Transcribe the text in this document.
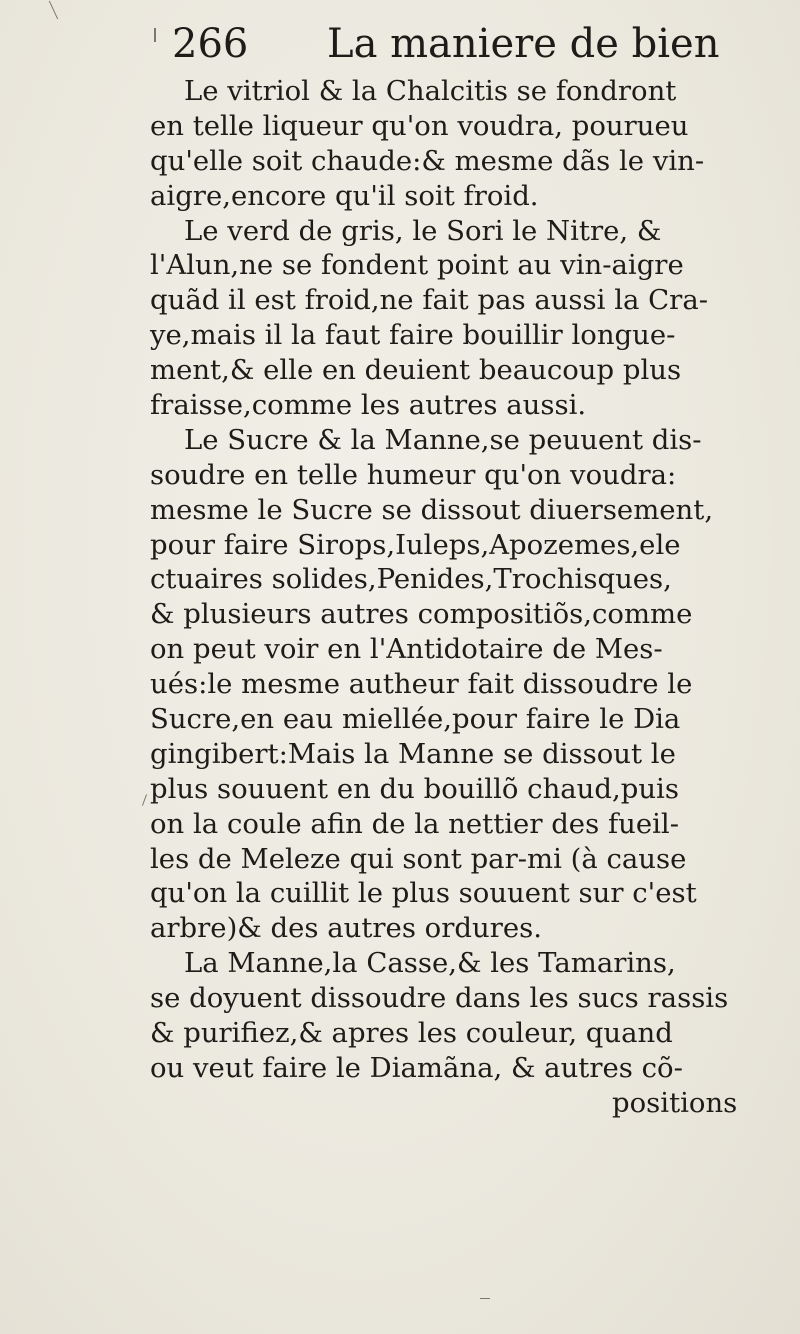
266 La maniere de bien
Le vitriol & la Chalcitis se fondront
en telle liqueur qu'on voudra, pourueu
qu'elle soit chaude:& mesme dãs le vin-
aigre,encore qu'il soit froid.
Le verd de gris, le Sori le Nitre, &
l'Alun,ne se fondent point au vin-aigre
quãd il est froid,ne fait pas aussi la Cra-
ye,mais il la faut faire bouillir longue-
ment,& elle en deuient beaucoup plus
fraisse,comme les autres aussi.
Le Sucre & la Manne,se peuuent dis-
soudre en telle humeur qu'on voudra:
mesme le Sucre se dissout diuersement,
pour faire Sirops,Iuleps,Apozemes,ele
ctuaires solides,Penides,Trochisques,
& plusieurs autres compositiõs,comme
on peut voir en l'Antidotaire de Mes-
ués:le mesme autheur fait dissoudre le
Sucre,en eau miellée,pour faire le Dia
gingibert:Mais la Manne se dissout le
plus souuent en du bouillõ chaud,puis
on la coule afin de la nettier des fueil-
les de Meleze qui sont par-mi (à cause
qu'on la cuillit le plus souuent sur c'est
arbre)& des autres ordures.
La Manne,la Casse,& les Tamarins,
se doyuent dissoudre dans les sucs rassis
& purifiez,& apres les couleur, quand
ou veut faire le Diamãna, & autres cõ-
positions
